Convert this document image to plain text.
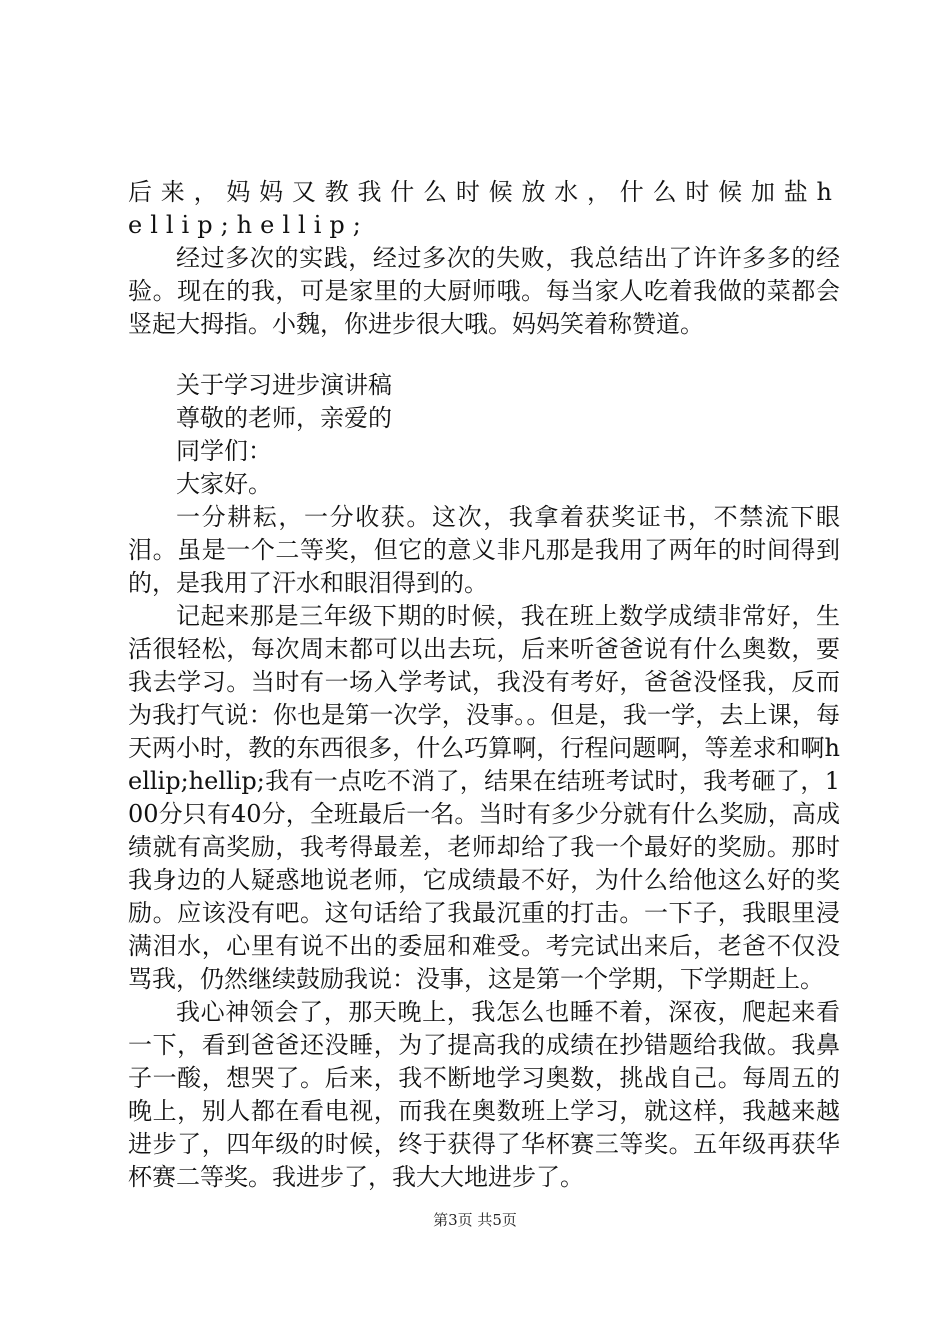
后来，妈妈又教我什么时候放水，什么时候加盐hellip;hellip;

经过多次的实践，经过多次的失败，我总结出了许许多多的经验。现在的我，可是家里的大厨师哦。每当家人吃着我做的菜都会竖起大拇指。小魏，你进步很大哦。妈妈笑着称赞道。

关于学习进步演讲稿

尊敬的老师，亲爱的

同学们：

大家好。

一分耕耘，一分收获。这次，我拿着获奖证书，不禁流下眼泪。虽是一个二等奖，但它的意义非凡那是我用了两年的时间得到的，是我用了汗水和眼泪得到的。

记起来那是三年级下期的时候，我在班上数学成绩非常好，生活很轻松，每次周末都可以出去玩，后来听爸爸说有什么奥数，要我去学习。当时有一场入学考试，我没有考好，爸爸没怪我，反而为我打气说：你也是第一次学，没事。。但是，我一学，去上课，每天两小时，教的东西很多，什么巧算啊，行程问题啊，等差求和啊hellip;hellip;我有一点吃不消了，结果在结班考试时，我考砸了，100分只有40分，全班最后一名。当时有多少分就有什么奖励，高成绩就有高奖励，我考得最差，老师却给了我一个最好的奖励。那时我身边的人疑惑地说老师，它成绩最不好，为什么给他这么好的奖励。应该没有吧。这句话给了我最沉重的打击。一下子，我眼里浸满泪水，心里有说不出的委屈和难受。考完试出来后，老爸不仅没骂我，仍然继续鼓励我说：没事，这是第一个学期，下学期赶上。

我心神领会了，那天晚上，我怎么也睡不着，深夜，爬起来看一下，看到爸爸还没睡，为了提高我的成绩在抄错题给我做。我鼻子一酸，想哭了。后来，我不断地学习奥数，挑战自己。每周五的晚上，别人都在看电视，而我在奥数班上学习，就这样，我越来越进步了，四年级的时候，终于获得了华杯赛三等奖。五年级再获华杯赛二等奖。我进步了，我大大地进步了。

第3页 共5页
